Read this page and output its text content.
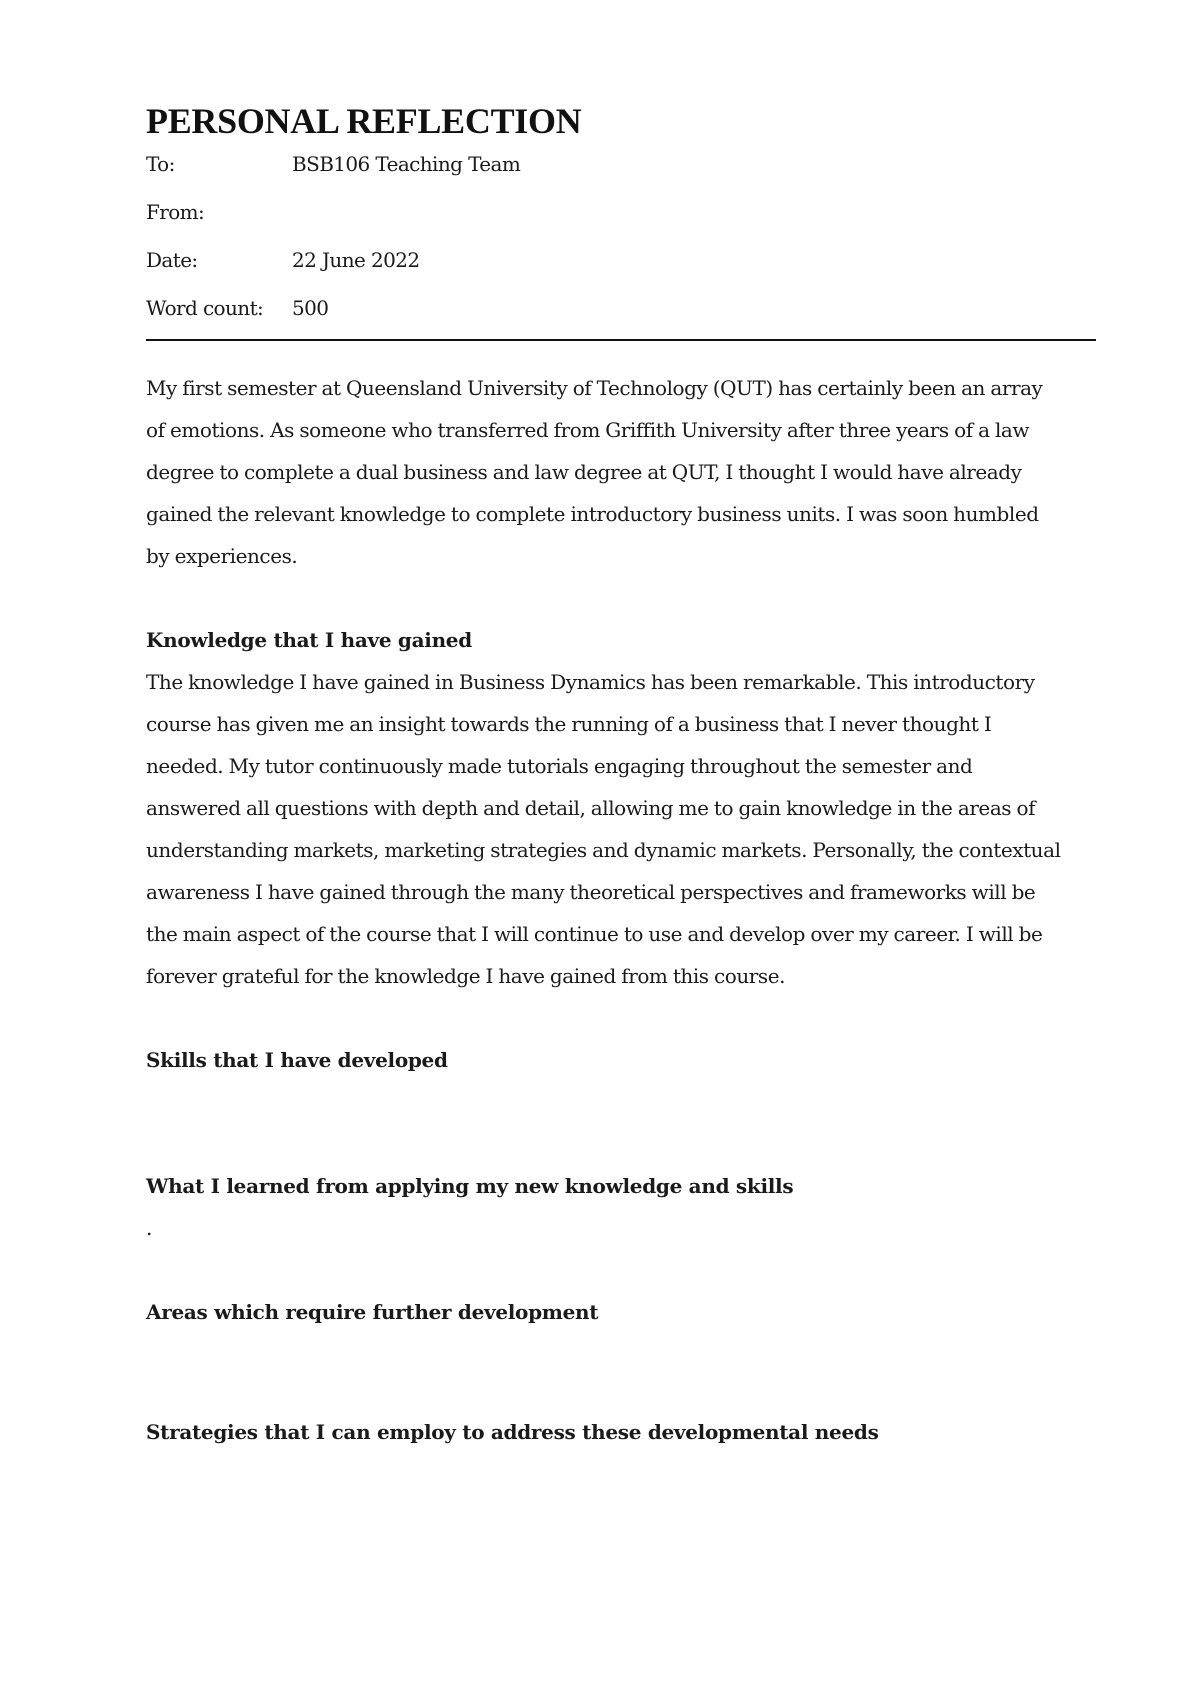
PERSONAL REFLECTION
To:	BSB106 Teaching Team
From:
Date:	22 June 2022
Word count:	500
My first semester at Queensland University of Technology (QUT) has certainly been an array
of emotions. As someone who transferred from Griffith University after three years of a law
degree to complete a dual business and law degree at QUT, I thought I would have already
gained the relevant knowledge to complete introductory business units. I was soon humbled
by experiences.
Knowledge that I have gained
The knowledge I have gained in Business Dynamics has been remarkable. This introductory
course has given me an insight towards the running of a business that I never thought I
needed. My tutor continuously made tutorials engaging throughout the semester and
answered all questions with depth and detail, allowing me to gain knowledge in the areas of
understanding markets, marketing strategies and dynamic markets. Personally, the contextual
awareness I have gained through the many theoretical perspectives and frameworks will be
the main aspect of the course that I will continue to use and develop over my career. I will be
forever grateful for the knowledge I have gained from this course.
Skills that I have developed
What I learned from applying my new knowledge and skills
.
Areas which require further development
Strategies that I can employ to address these developmental needs
